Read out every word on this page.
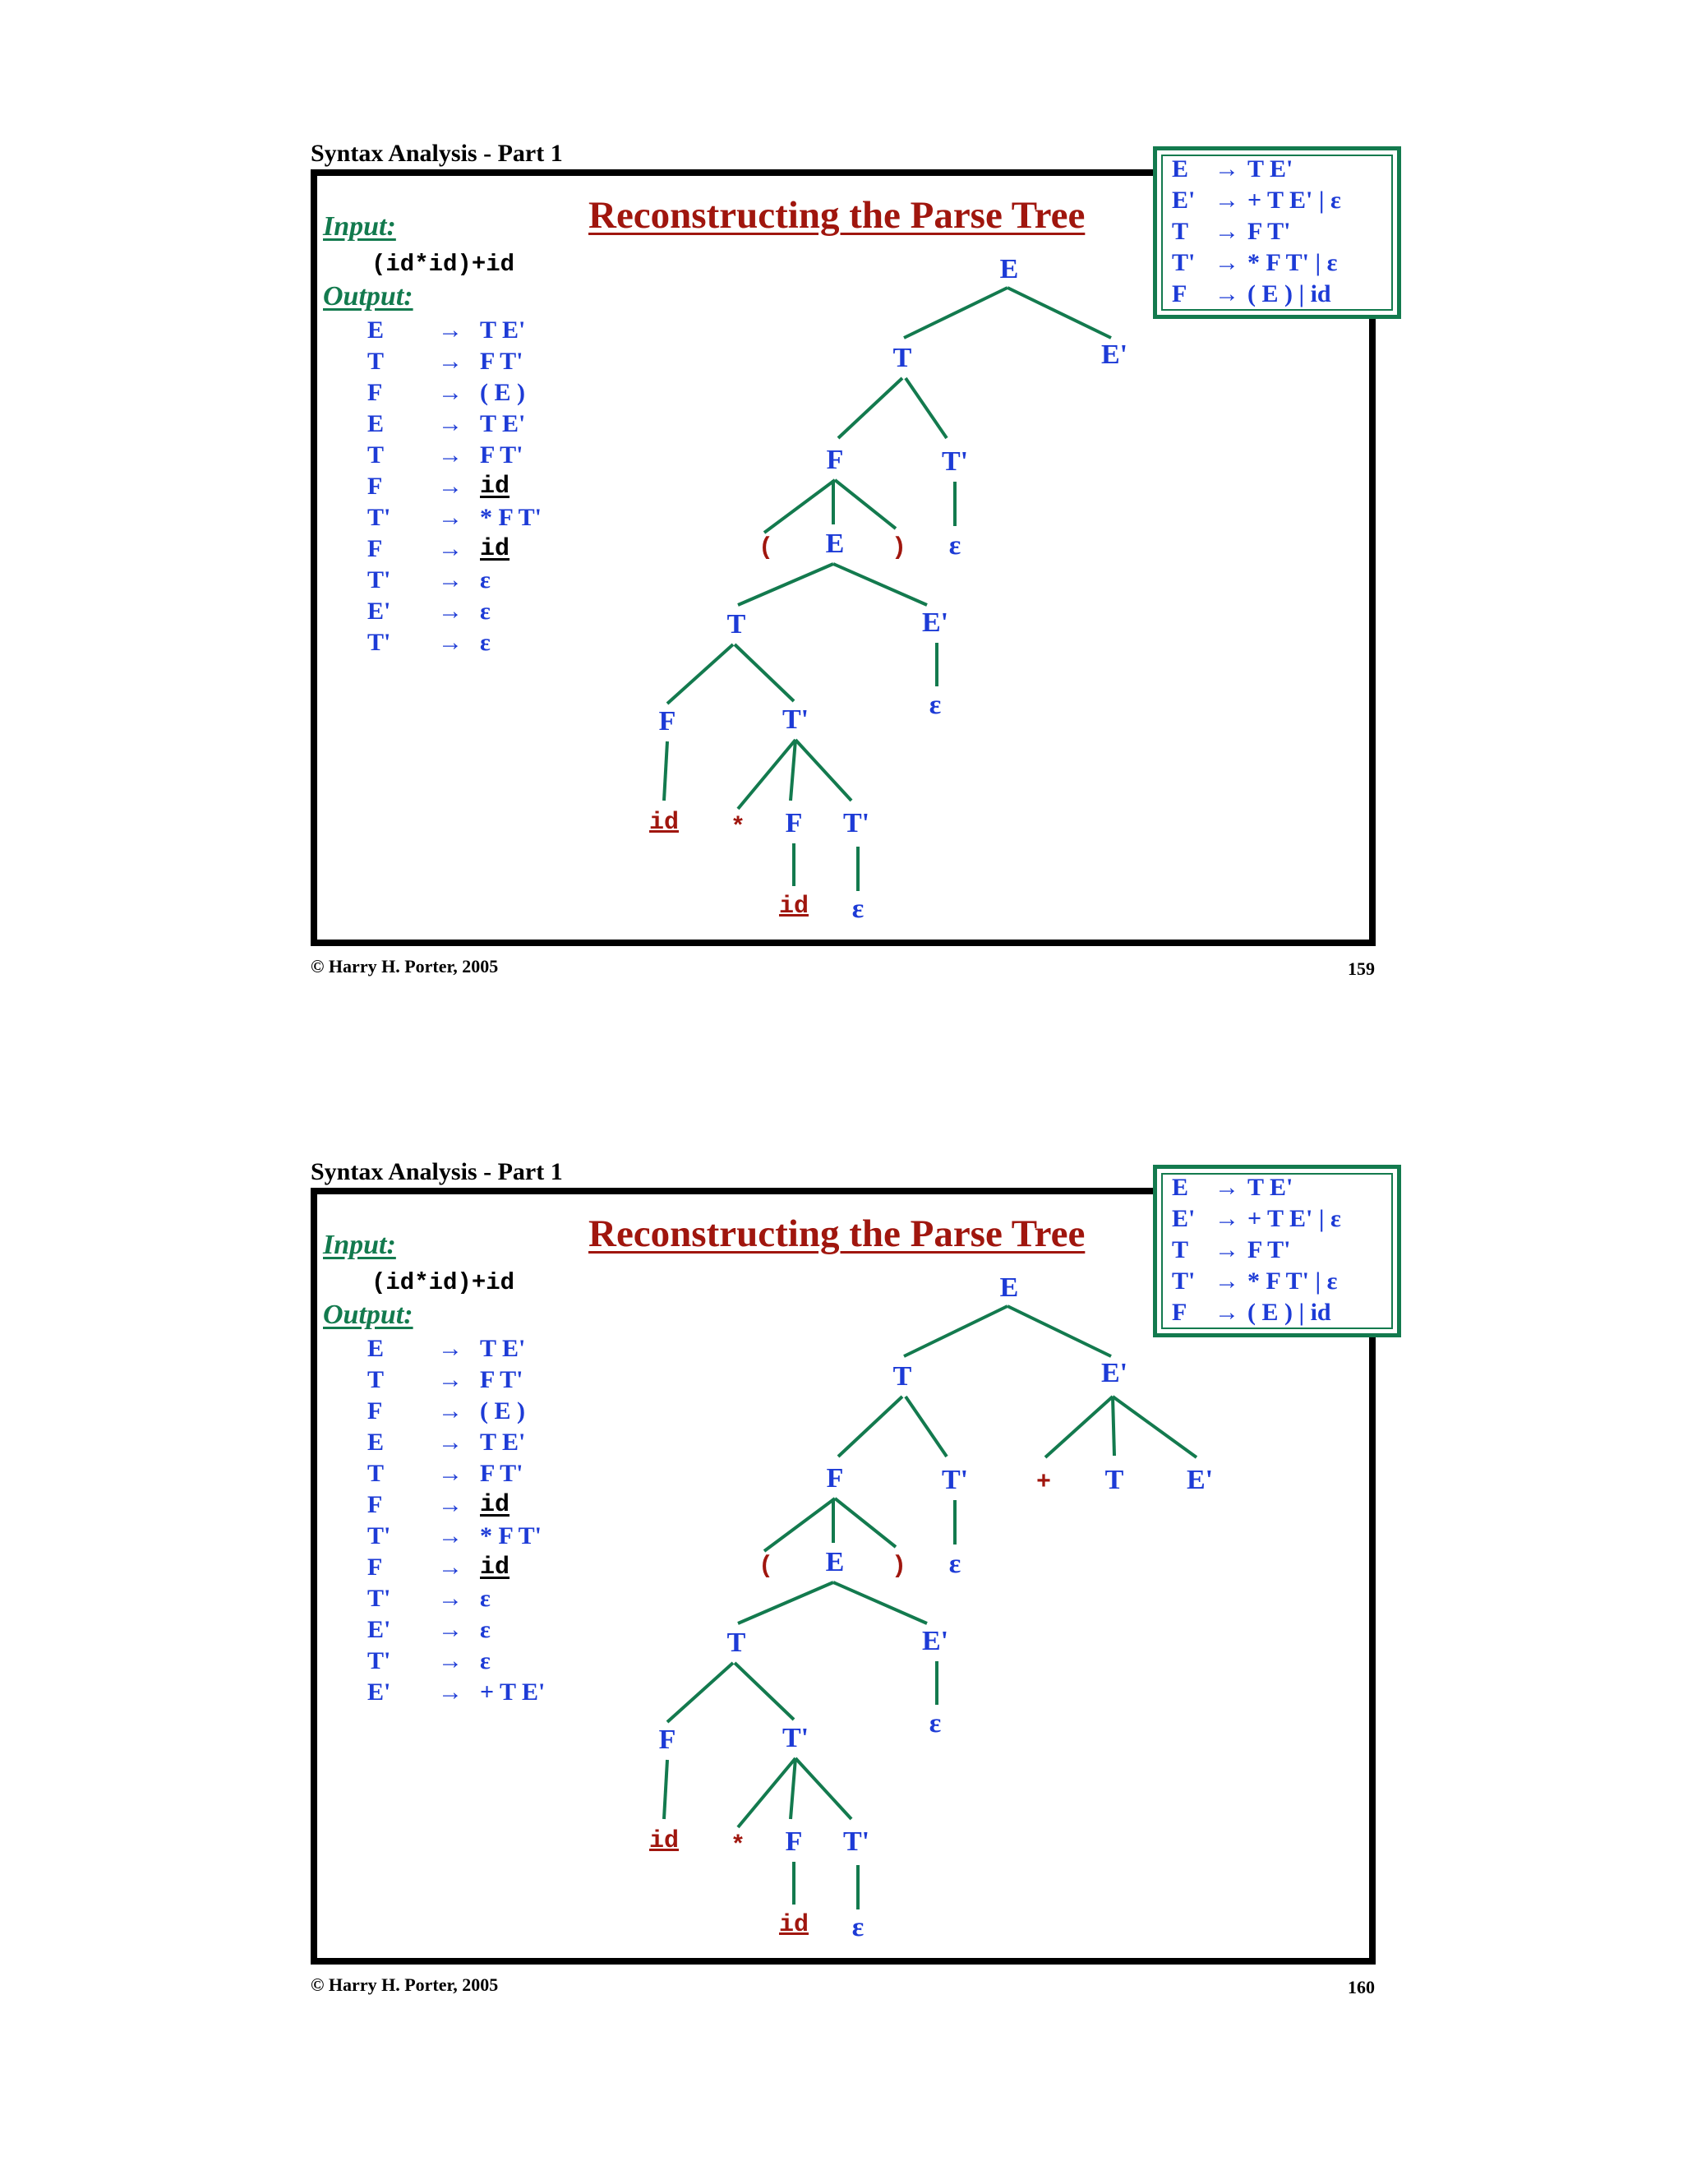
Syntax Analysis - Part 1
Reconstructing the Parse Tree
Input:
(id*id)+id
Output:
E → T E'
T → F T'
F → ( E )
E → T E'
T → F T'
F → id
T' → * F T'
F → id
T' → ε
E' → ε
T' → ε
E
T	E'
F	T'
( E ) ε
T	E'
ε
F	T'
id * F T'
id ε
E → T E'
E' → + T E' | ε
T → F T'
T' → * F T' | ε
F → ( E ) | id
© Harry H. Porter, 2005	159
Syntax Analysis - Part 1
Reconstructing the Parse Tree
Input:
(id*id)+id
Output:
E → T E'
T → F T'
F → ( E )
E → T E'
T → F T'
F → id
T' → * F T'
F → id
T' → ε
E' → ε
T' → ε
E' → + T E'
E
T	E'
F	T'	+ T E'
( E ) ε
T	E'
ε
F	T'
id * F T'
id ε
E → T E'
E' → + T E' | ε
T → F T'
T' → * F T' | ε
F → ( E ) | id
© Harry H. Porter, 2005	160
